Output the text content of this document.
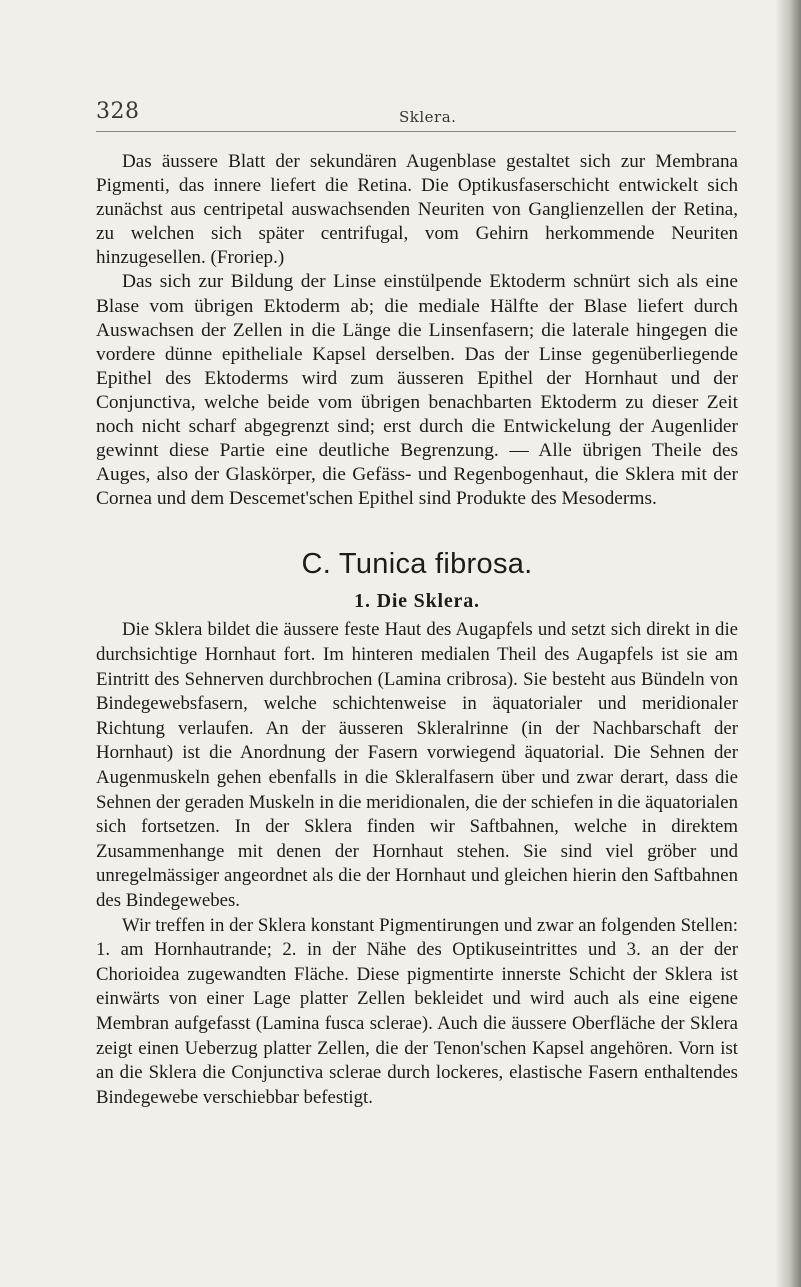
328	Sklera.

Das äussere Blatt der sekundären Augenblase gestaltet sich zur Membrana Pigmenti, das innere liefert die Retina. Die Optikusfaserschicht entwickelt sich zunächst aus centripetal auswachsenden Neuriten von Ganglienzellen der Retina, zu welchen sich später centrifugal, vom Gehirn herkommende Neuriten hinzugesellen. (Froriep.)

Das sich zur Bildung der Linse einstülpende Ektoderm schnürt sich als eine Blase vom übrigen Ektoderm ab; die mediale Hälfte der Blase liefert durch Auswachsen der Zellen in die Länge die Linsenfasern; die laterale hingegen die vordere dünne epitheliale Kapsel derselben. Das der Linse gegenüberliegende Epithel des Ektoderms wird zum äusseren Epithel der Hornhaut und der Conjunctiva, welche beide vom übrigen benachbarten Ektoderm zu dieser Zeit noch nicht scharf abgegrenzt sind; erst durch die Entwickelung der Augenlider gewinnt diese Partie eine deutliche Begrenzung. — Alle übrigen Theile des Auges, also der Glaskörper, die Gefäss- und Regenbogenhaut, die Sklera mit der Cornea und dem Descemet'schen Epithel sind Produkte des Mesoderms.

C. Tunica fibrosa.
1. Die Sklera.

Die Sklera bildet die äussere feste Haut des Augapfels und setzt sich direkt in die durchsichtige Hornhaut fort. Im hinteren medialen Theil des Augapfels ist sie am Eintritt des Sehnerven durchbrochen (Lamina cribrosa). Sie besteht aus Bündeln von Bindegewebsfasern, welche schichtenweise in äquatorialer und meridionaler Richtung verlaufen. An der äusseren Skleralrinne (in der Nachbarschaft der Hornhaut) ist die Anordnung der Fasern vorwiegend äquatorial. Die Sehnen der Augenmuskeln gehen ebenfalls in die Skleralfasern über und zwar derart, dass die Sehnen der geraden Muskeln in die meridionalen, die der schiefen in die äquatorialen sich fortsetzen. In der Sklera finden wir Saftbahnen, welche in direktem Zusammenhange mit denen der Hornhaut stehen. Sie sind viel gröber und unregelmässiger angeordnet als die der Hornhaut und gleichen hierin den Saftbahnen des Bindegewebes.

Wir treffen in der Sklera konstant Pigmentirungen und zwar an folgenden Stellen: 1. am Hornhautrande; 2. in der Nähe des Optikuseintrittes und 3. an der der Chorioidea zugewandten Fläche. Diese pigmentirte innerste Schicht der Sklera ist einwärts von einer Lage platter Zellen bekleidet und wird auch als eine eigene Membran aufgefasst (Lamina fusca sclerae). Auch die äussere Oberfläche der Sklera zeigt einen Ueberzug platter Zellen, die der Tenon'schen Kapsel angehören. Vorn ist an die Sklera die Conjunctiva sclerae durch lockeres, elastische Fasern enthaltendes Bindegewebe verschiebbar befestigt.
